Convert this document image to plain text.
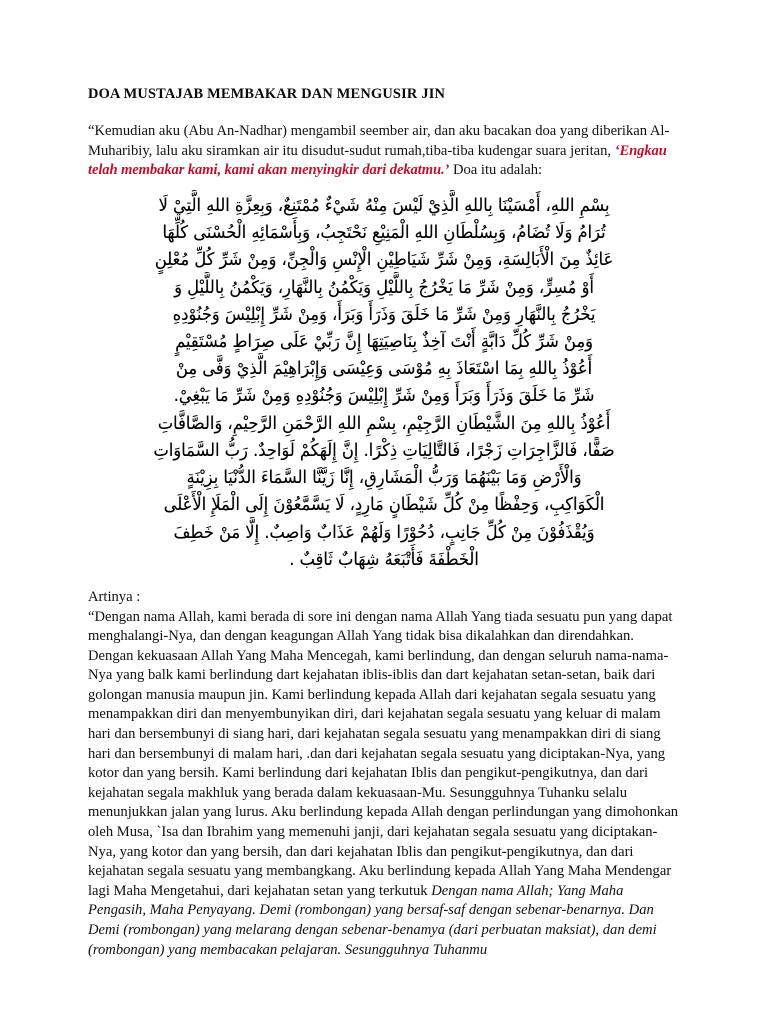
DOA MUSTAJAB MEMBAKAR DAN MENGUSIR JIN

“Kemudian aku (Abu An-Nadhar) mengambil seember air, dan aku bacakan doa yang diberikan Al-Muharibiy, lalu aku siramkan air itu disudut-sudut rumah,tiba-tiba kudengar suara jeritan, ‘Engkau telah membakar kami, kami akan menyingkir dari dekatmu.’ Doa itu adalah:

بِسْمِ اللهِ، أَمْسَيْنَا بِاللهِ الَّذِيْ لَيْسَ مِنْهُ شَيْءٌ مُمْتَنِعٌ، وَبِعِزَّةِ اللهِ الَّتِيْ لَا
تُرَامُ وَلَا تُضَامُ، وَبِسُلْطَانِ اللهِ الْمَنِيْعِ نَحْتَجِبُ، وَبِأَسْمَائِهِ الْحُسْنَى كُلِّهَا
عَائِذٌ مِنَ الْأَبَالِسَةِ، وَمِنْ شَرِّ شَيَاطِيْنِ الْإِنْسِ وَالْجِنِّ، وَمِنْ شَرِّ كُلِّ مُعْلِنٍ
أَوْ مُسِرٍّ، وَمِنْ شَرِّ مَا يَخْرُجُ بِاللَّيْلِ وَيَكْمُنُ بِالنَّهَارِ، وَيَكْمُنُ بِاللَّيْلِ وَ
يَخْرُجُ بِالنَّهَارِ وَمِنْ شَرِّ مَا خَلَقَ وَذَرَأَ وَبَرَأَ، وَمِنْ شَرِّ إِبْلِيْسَ وَجُنُوْدِهِ
وَمِنْ شَرِّ كُلِّ دَابَّةٍ أَنْتَ آخِذٌ بِنَاصِيَتِهَا إِنَّ رَبِّيْ عَلَى صِرَاطٍ مُسْتَقِيْمٍ
أَعُوْذُ بِاللهِ بِمَا اسْتَعَاذَ بِهِ مُوْسَى وَعِيْسَى وَإِبْرَاهِيْمَ الَّذِيْ وَفَّى مِنْ
شَرِّ مَا خَلَقَ وَذَرَأَ وَبَرَأَ وَمِنْ شَرِّ إِبْلِيْسَ وَجُنُوْدِهِ وَمِنْ شَرِّ مَا يَبْغِيْ.
أَعُوْذُ بِاللهِ مِنَ الشَّيْطَانِ الرَّجِيْمِ، بِسْمِ اللهِ الرَّحْمَنِ الرَّحِيْمِ، وَالصَّافَّاتِ
صَفًّا، فَالزَّاجِرَاتِ زَجْرًا، فَالتَّالِيَاتِ ذِكْرًا. إِنَّ إِلَهَكُمْ لَوَاحِدٌ. رَبُّ السَّمَاوَاتِ
وَالْأَرْضِ وَمَا بَيْنَهُمَا وَرَبُّ الْمَشَارِقِ، إِنَّا زَيَّنَّا السَّمَاءَ الدُّنْيَا بِزِيْنَةٍ
الْكَوَاكِبِ، وَحِفْظًا مِنْ كُلِّ شَيْطَانٍ مَارِدٍ، لَا يَسَّمَّعُوْنَ إِلَى الْمَلَإِ الْأَعْلَى
وَيُقْذَفُوْنَ مِنْ كُلِّ جَانِبٍ، دُحُوْرًا وَلَهُمْ عَذَابٌ وَاصِبٌ. إِلَّا مَنْ خَطِفَ
الْخَطْفَةَ فَأَتْبَعَهُ شِهَابٌ ثَاقِبٌ .

Artinya :

“Dengan nama Allah, kami berada di sore ini dengan nama Allah Yang tiada sesuatu pun yang dapat menghalangi-Nya, dan dengan keagungan Allah Yang tidak bisa dikalahkan dan direndahkan. Dengan kekuasaan Allah Yang Maha Mencegah, kami berlindung, dan dengan seluruh nama-nama-Nya yang balk kami berlindung dart kejahatan iblis-iblis dan dart kejahatan setan-setan, baik dari golongan manusia maupun jin. Kami berlindung kepada Allah dari kejahatan segala sesuatu yang menampakkan diri dan menyembunyikan diri, dari kejahatan segala sesuatu yang keluar di malam hari dan bersembunyi di siang hari, dari kejahatan segala sesuatu yang menampakkan diri di siang hari dan bersembunyi di malam hari, .dan dari kejahatan segala sesuatu yang diciptakan-Nya, yang kotor dan yang bersih. Kami berlindung dari kejahatan Iblis dan pengikut-pengikutnya, dan dari kejahatan segala makhluk yang berada dalam kekuasaan-Mu. Sesungguhnya Tuhanku selalu menunjukkan jalan yang lurus. Aku berlindung kepada Allah dengan perlindungan yang dimohonkan oleh Musa, `Isa dan Ibrahim yang memenuhi janji, dari kejahatan segala sesuatu yang diciptakan-Nya, yang kotor dan yang bersih, dan dari kejahatan Iblis dan pengikut-pengikutnya, dan dari kejahatan segala sesuatu yang membangkang. Aku berlindung kepada Allah Yang Maha Mendengar lagi Maha Mengetahui, dari kejahatan setan yang terkutuk Dengan nama Allah; Yang Maha Pengasih, Maha Penyayang. Demi (rombongan) yang bersaf-saf dengan sebenar-benarnya. Dan Demi (rombongan) yang melarang dengan sebenar-benamya (dari perbuatan maksiat), dan demi (rombongan) yang membacakan pelajaran. Sesungguhnya Tuhanmu
